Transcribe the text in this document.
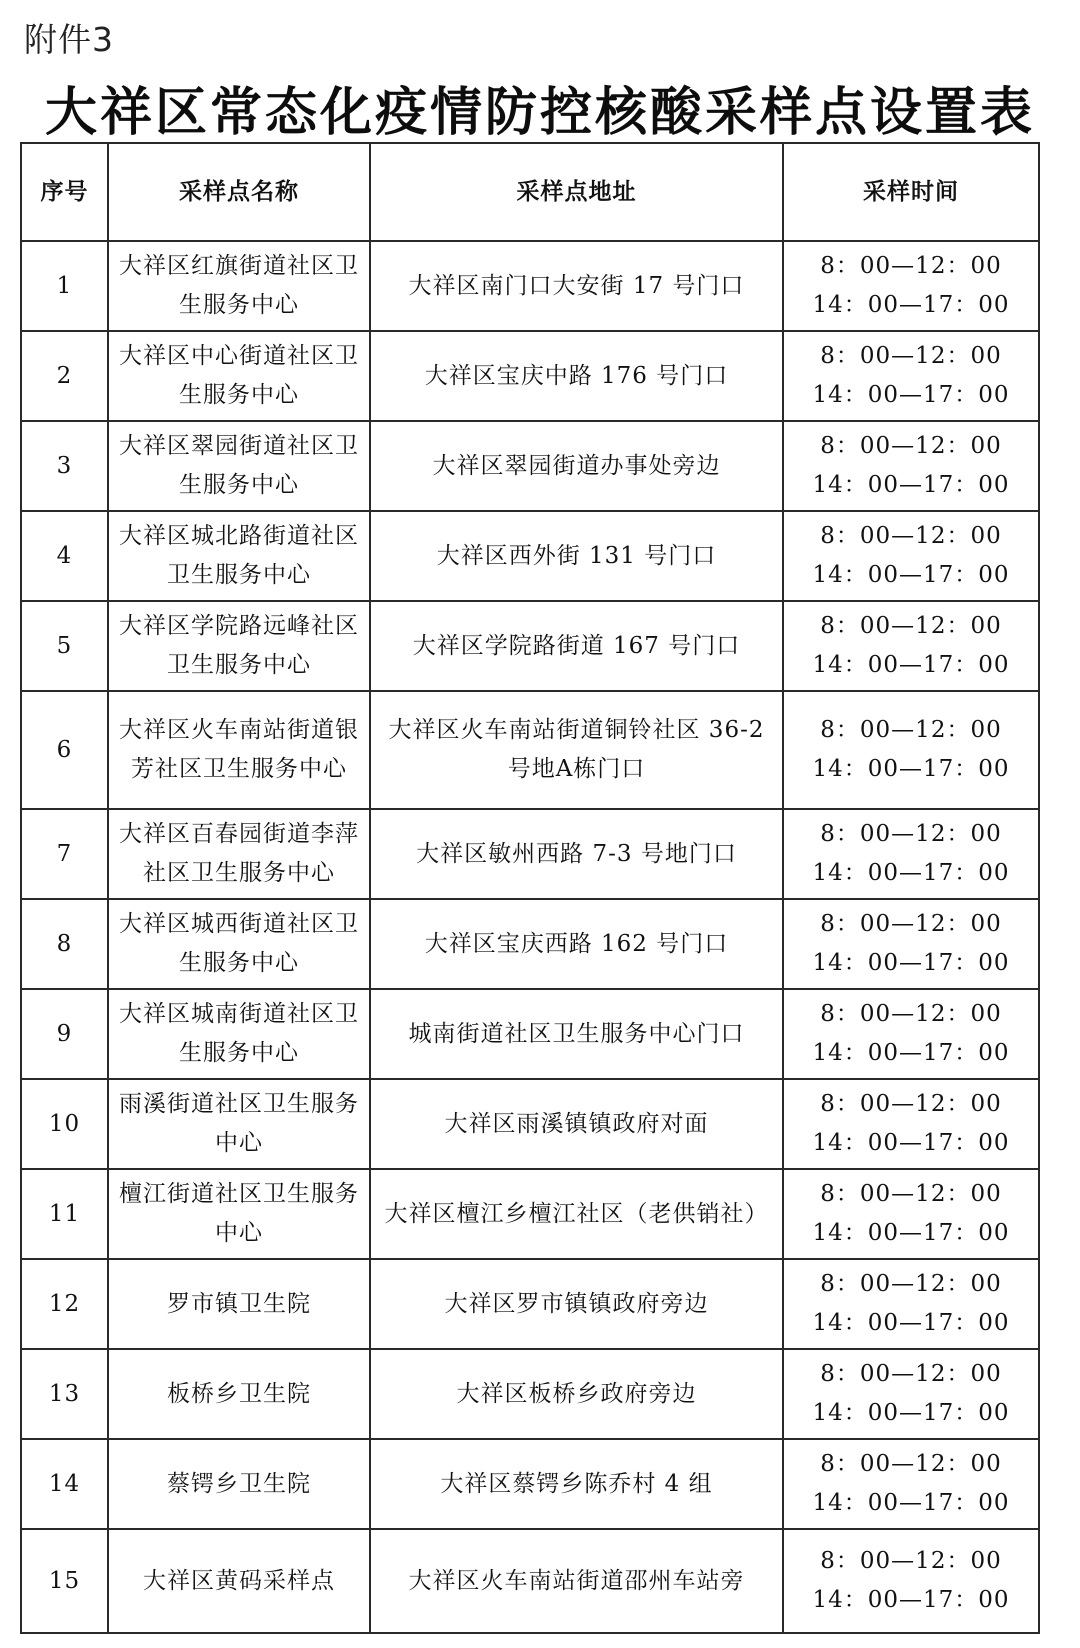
附件3
大祥区常态化疫情防控核酸采样点设置表
序号	采样点名称	采样点地址	采样时间
1	大祥区红旗街道社区卫生服务中心	大祥区南门口大安街 17 号门口	8：00—12：00
14：00—17：00

2	大祥区中心街道社区卫生服务中心	大祥区宝庆中路 176 号门口	8：00—12：00
14：00—17：00

3	大祥区翠园街道社区卫生服务中心	大祥区翠园街道办事处旁边	8：00—12：00
14：00—17：00

4	大祥区城北路街道社区卫生服务中心	大祥区西外街 131 号门口	8：00—12：00
14：00—17：00

5	大祥区学院路远峰社区卫生服务中心	大祥区学院路街道 167 号门口	8：00—12：00
14：00—17：00

6	大祥区火车南站街道银芳社区卫生服务中心	大祥区火车南站街道铜铃社区 36-2号地A栋门口	8：00—12：00
14：00—17：00

7	大祥区百春园街道李萍社区卫生服务中心	大祥区敏州西路 7-3 号地门口	8：00—12：00
14：00—17：00

8	大祥区城西街道社区卫生服务中心	大祥区宝庆西路 162 号门口	8：00—12：00
14：00—17：00

9	大祥区城南街道社区卫生服务中心	城南街道社区卫生服务中心门口	8：00—12：00
14：00—17：00

10	雨溪街道社区卫生服务中心	大祥区雨溪镇镇政府对面	8：00—12：00
14：00—17：00

11	檀江街道社区卫生服务中心	大祥区檀江乡檀江社区（老供销社）	8：00—12：00
14：00—17：00

12	罗市镇卫生院	大祥区罗市镇镇政府旁边	8：00—12：00
14：00—17：00

13	板桥乡卫生院	大祥区板桥乡政府旁边	8：00—12：00
14：00—17：00

14	蔡锷乡卫生院	大祥区蔡锷乡陈乔村 4 组	8：00—12：00
14：00—17：00

15	大祥区黄码采样点	大祥区火车南站街道邵州车站旁	8：00—12：00
14：00—17：00
